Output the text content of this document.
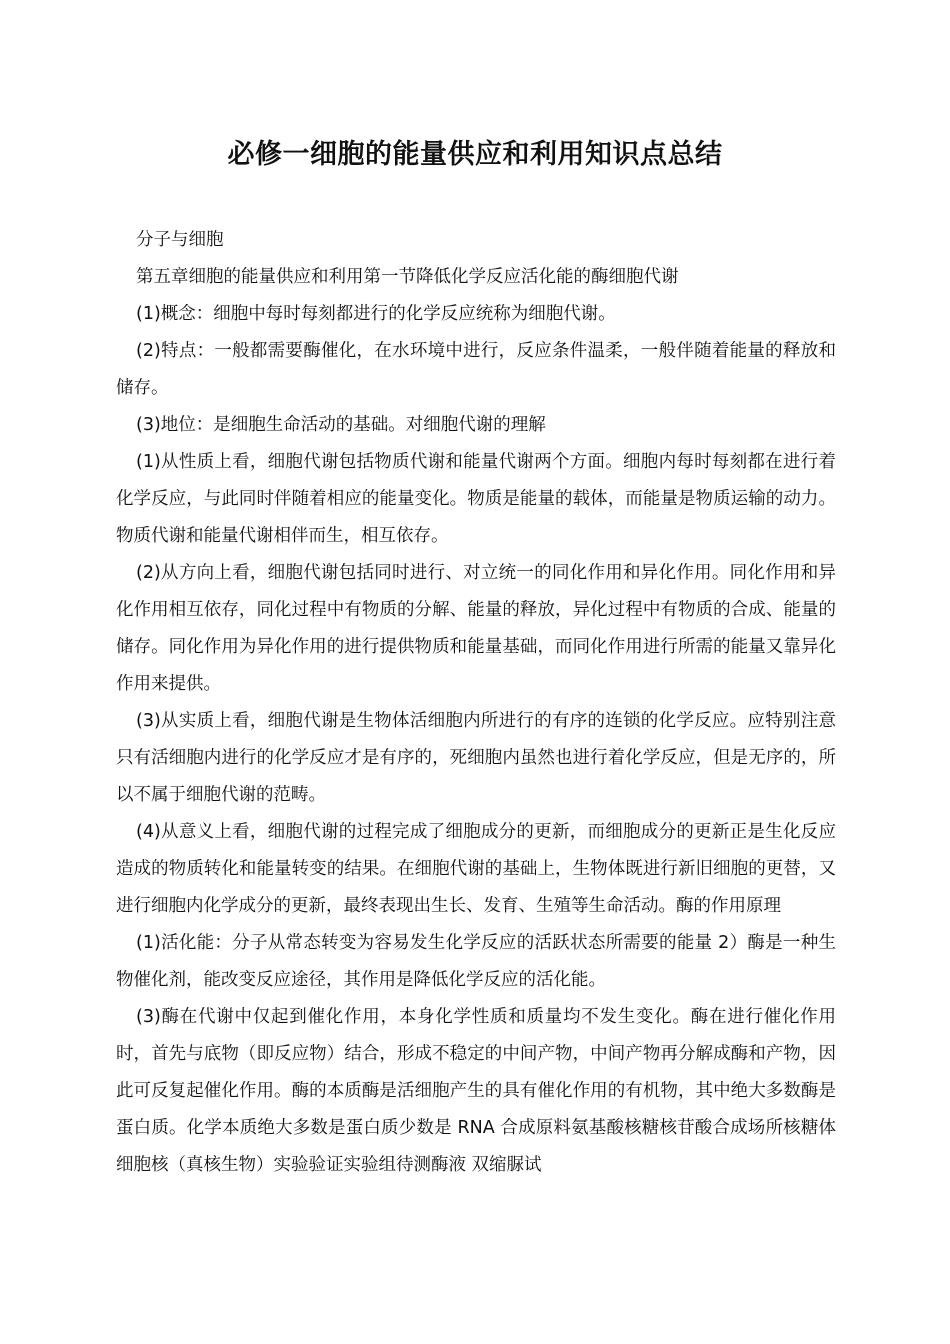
必修一细胞的能量供应和利用知识点总结

分子与细胞

第五章细胞的能量供应和利用第一节降低化学反应活化能的酶细胞代谢

(1)概念：细胞中每时每刻都进行的化学反应统称为细胞代谢。

(2)特点：一般都需要酶催化，在水环境中进行，反应条件温柔，一般伴随着能量的释放和储存。

(3)地位：是细胞生命活动的基础。对细胞代谢的理解

(1)从性质上看，细胞代谢包括物质代谢和能量代谢两个方面。细胞内每时每刻都在进行着化学反应，与此同时伴随着相应的能量变化。物质是能量的载体，而能量是物质运输的动力。物质代谢和能量代谢相伴而生，相互依存。

(2)从方向上看，细胞代谢包括同时进行、对立统一的同化作用和异化作用。同化作用和异化作用相互依存，同化过程中有物质的分解、能量的释放，异化过程中有物质的合成、能量的储存。同化作用为异化作用的进行提供物质和能量基础，而同化作用进行所需的能量又靠异化作用来提供。

(3)从实质上看，细胞代谢是生物体活细胞内所进行的有序的连锁的化学反应。应特别注意只有活细胞内进行的化学反应才是有序的，死细胞内虽然也进行着化学反应，但是无序的，所以不属于细胞代谢的范畴。

(4)从意义上看，细胞代谢的过程完成了细胞成分的更新，而细胞成分的更新正是生化反应造成的物质转化和能量转变的结果。在细胞代谢的基础上，生物体既进行新旧细胞的更替，又进行细胞内化学成分的更新，最终表现出生长、发育、生殖等生命活动。酶的作用原理

(1)活化能：分子从常态转变为容易发生化学反应的活跃状态所需要的能量 2）酶是一种生物催化剂，能改变反应途径，其作用是降低化学反应的活化能。

(3)酶在代谢中仅起到催化作用，本身化学性质和质量均不发生变化。酶在进行催化作用时，首先与底物（即反应物）结合，形成不稳定的中间产物，中间产物再分解成酶和产物，因此可反复起催化作用。酶的本质酶是活细胞产生的具有催化作用的有机物，其中绝大多数酶是蛋白质。化学本质绝大多数是蛋白质少数是 RNA 合成原料氨基酸核糖核苷酸合成场所核糖体细胞核（真核生物）实验验证实验组待测酶液 双缩脲试
